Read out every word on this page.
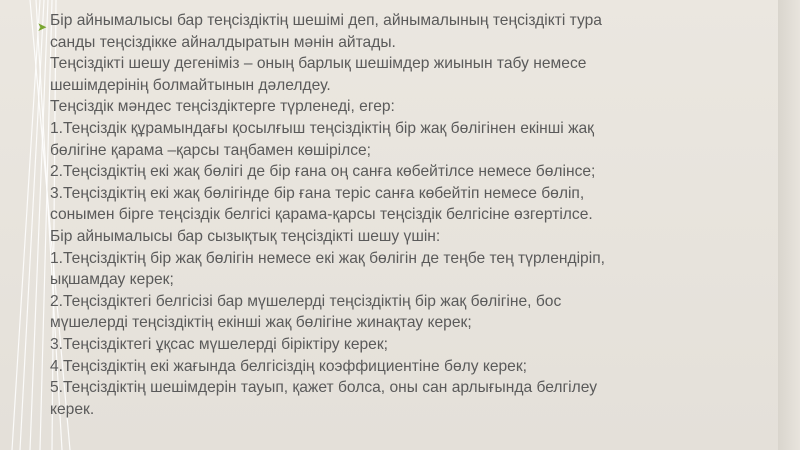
➤ Бір айнымалысы бар теңсіздіктің шешімі деп, айнымалының теңсіздікті тура

санды теңсіздікке айналдыратын мәнін айтады.

Теңсіздікті шешу дегеніміз – оның барлық шешімдер жиынын табу немесе

шешімдерінің болмайтынын дәлелдеу.

Теңсіздік мәндес теңсіздіктерге түрленеді, егер:

1.Теңсіздік құрамындағы қосылғыш теңсіздіктің бір жақ бөлігінен екінші жақ

бөлігіне қарама –қарсы таңбамен көшірілсе;

2.Теңсіздіктің екі жақ бөлігі де бір ғана оң санға көбейтілсе немесе бөлінсе;

3.Теңсіздіктің екі жақ бөлігінде бір ғана теріс санға көбейтіп немесе бөліп,

сонымен бірге теңсіздік белгісі қарама-қарсы теңсіздік белгісіне өзгертілсе.

Бір айнымалысы бар сызықтық теңсіздікті шешу үшін:

1.Теңсіздіктің бір жақ бөлігін немесе екі жақ бөлігін де теңбе тең түрлендіріп,

ықшамдау керек;

2.Теңсіздіктегі белгісізі бар мүшелерді теңсіздіктің бір жақ бөлігіне, бос

мүшелерді теңсіздіктің екінші жақ бөлігіне жинақтау керек;

3.Теңсіздіктегі ұқсас мүшелерді біріктіру керек;

4.Теңсіздіктің екі жағында белгісіздің коэффициентіне бөлу керек;

5.Теңсіздіктің шешімдерін тауып, қажет болса, оны сан арлығында белгілеу

керек.
